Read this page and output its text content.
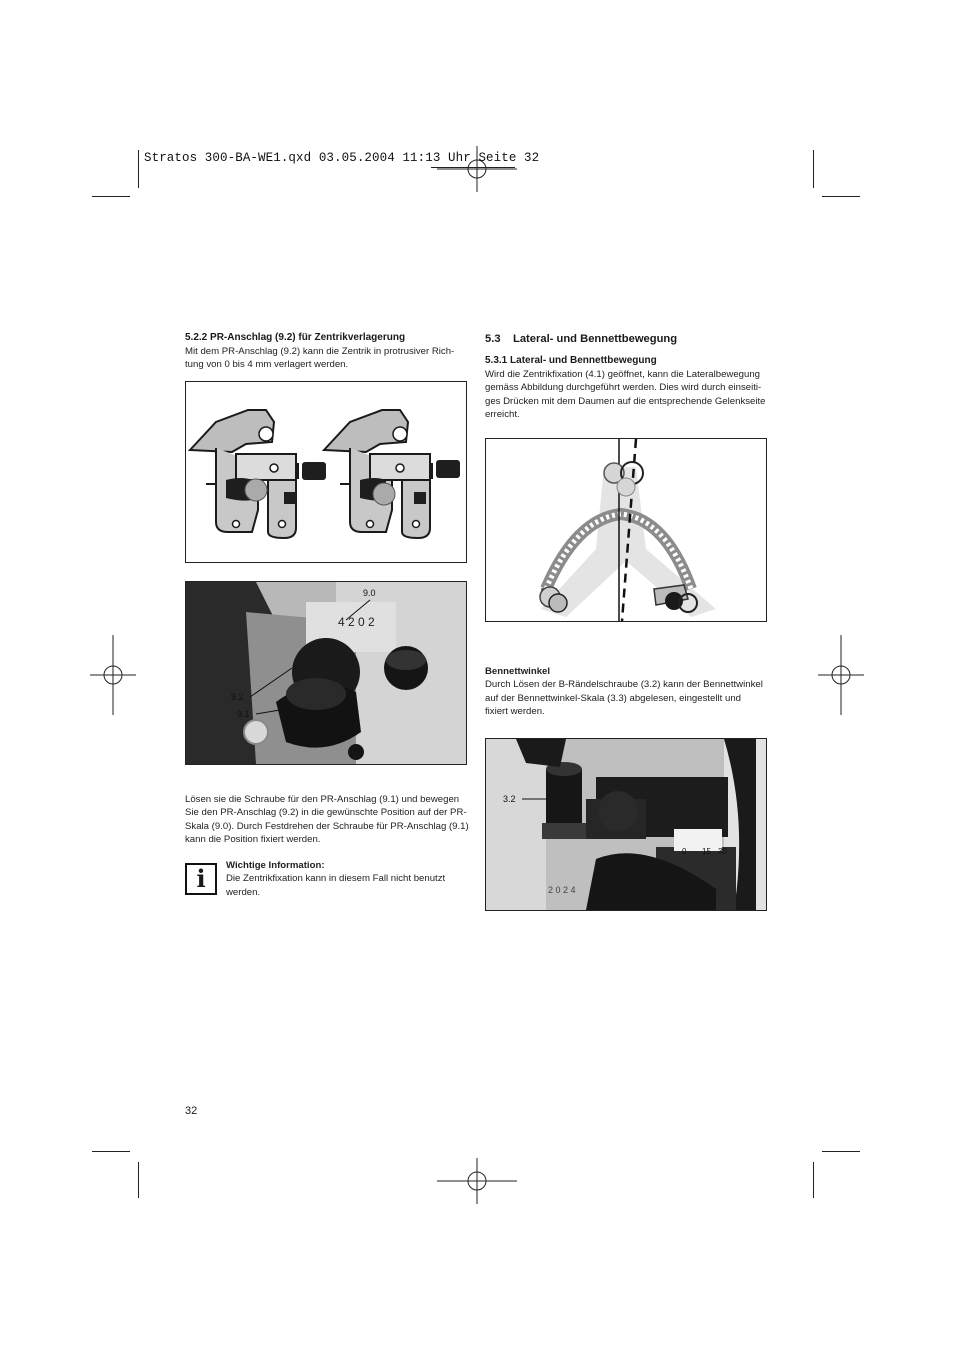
Stratos 300-BA-WE1.qxd 03.05.2004 11:13 Uhr Seite 32
5.2.2 PR-Anschlag (9.2) für Zentrikverlagerung
Mit dem PR-Anschlag (9.2) kann die Zentrik in protrusiver Rich-
tung von 0 bis 4 mm verlagert werden.
4 2 0 2
9.0
9.2
9.1
Lösen sie die Schraube für den PR-Anschlag (9.1) und bewegen
Sie den PR-Anschlag (9.2) in die gewünschte Position auf der PR-
Skala (9.0). Durch Festdrehen der Schraube für PR-Anschlag (9.1)
kann die Position fixiert werden.
i	Wichtige Information:
Die Zentrikfixation kann in diesem Fall nicht benutzt
werden.
5.3    Lateral- und Bennettbewegung
5.3.1 Lateral- und Bennettbewegung
Wird die Zentrikfixation (4.1) geöffnet, kann die Lateralbewegung
gemäss Abbildung durchgeführt werden. Dies wird durch einseiti-
ges Drücken mit dem Daumen auf die entsprechende Gelenkseite
erreicht.
Bennettwinkel
Durch Lösen der B-Rändelschraube (3.2) kann der Bennettwinkel
auf der Bennettwinkel-Skala (3.3) abgelesen, eingestellt und
fixiert werden.
3.2
0 15 30
2 0 2 4
32
